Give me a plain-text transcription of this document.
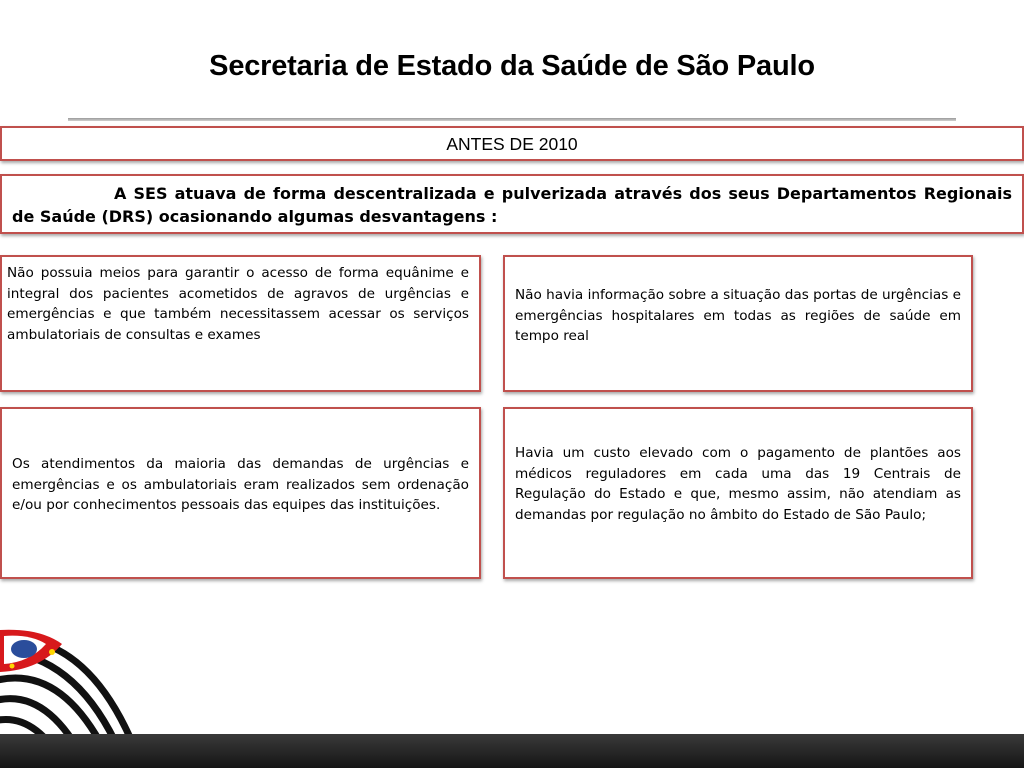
Secretaria de Estado da Saúde de São Paulo
ANTES DE 2010
A SES atuava de forma descentralizada e pulverizada através dos seus Departamentos Regionais de Saúde (DRS) ocasionando algumas desvantagens :
Não possuia meios para garantir o acesso de forma equânime e integral dos pacientes acometidos de agravos de urgências e emergências e que também necessitassem acessar os serviços ambulatoriais de consultas e exames
Não havia informação sobre a situação das portas de urgências e emergências hospitalares em todas as regiões de saúde em tempo real
Os atendimentos da maioria das demandas de urgências e emergências e os ambulatoriais eram realizados sem ordenação e/ou por conhecimentos pessoais das equipes das instituições.
Havia um custo elevado com o pagamento de plantões aos médicos reguladores em cada uma das 19 Centrais de Regulação do Estado e que, mesmo assim, não atendiam as demandas por regulação no âmbito do Estado de São Paulo;
